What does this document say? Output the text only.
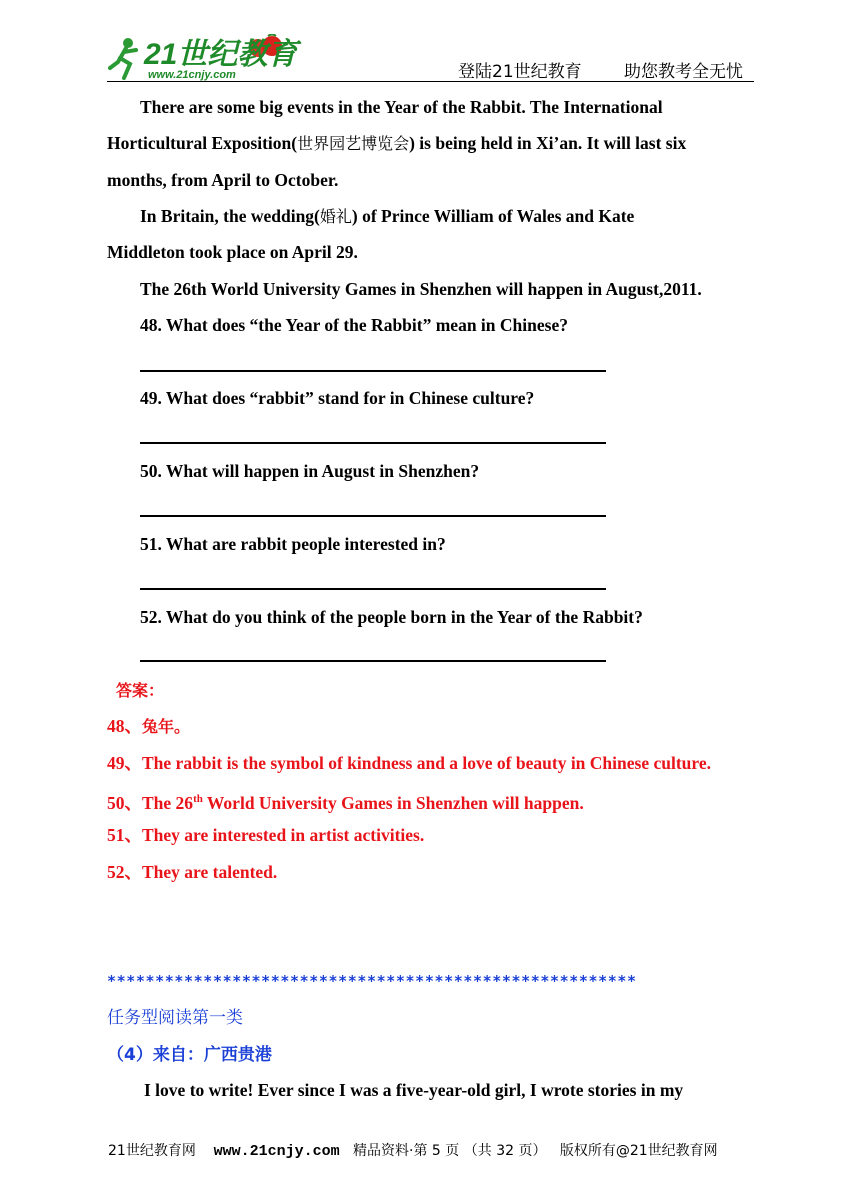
21世纪教育
www.21cnjy.com	登陆21世纪教育 助您教考全无忧
There are some big events in the Year of the Rabbit. The International
Horticultural Exposition(世界园艺博览会) is being held in Xi’an. It will last six
months, from April to October.
In Britain, the wedding(婚礼) of Prince William of Wales and Kate
Middleton took place on April 29.
The 26th World University Games in Shenzhen will happen in August,2011.
48. What does “the Year of the Rabbit” mean in Chinese?
49. What does “rabbit” stand for in Chinese culture?
50. What will happen in August in Shenzhen?
51. What are rabbit people interested in?
52. What do you think of the people born in the Year of the Rabbit?
答案：
48、兔年。
49、The rabbit is the symbol of kindness and a love of beauty in Chinese culture.
50、The 26th World University Games in Shenzhen will happen.
51、They are interested in artist activities.
52、They are talented.
*******************************************************
任务型阅读第一类
（4）来自：广西贵港
I love to write! Ever since I was a five-year-old girl, I wrote stories in my
21世纪教育网 www.21cnjy.com 精品资料·第 5 页 （共 32 页） 版权所有@21世纪教育网
